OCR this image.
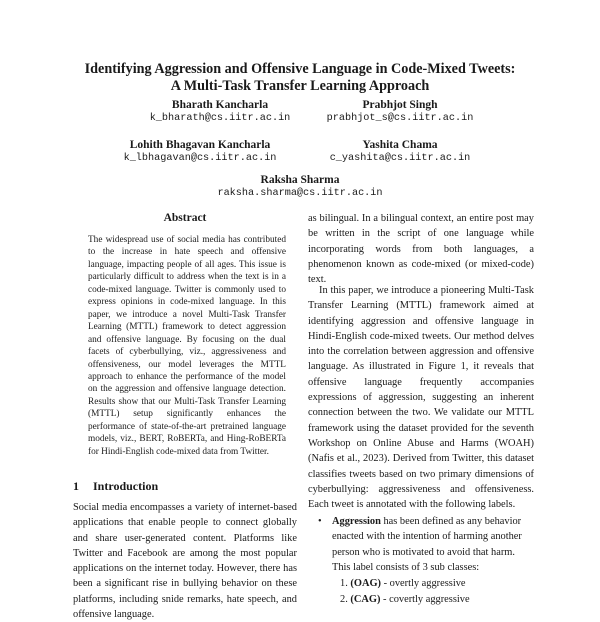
Identifying Aggression and Offensive Language in Code-Mixed Tweets:
A Multi-Task Transfer Learning Approach
Bharath Kancharla
k_bharath@cs.iitr.ac.in
Prabhjot Singh
prabhjot_s@cs.iitr.ac.in
Lohith Bhagavan Kancharla
k_lbhagavan@cs.iitr.ac.in
Yashita Chama
c_yashita@cs.iitr.ac.in
Raksha Sharma
raksha.sharma@cs.iitr.ac.in
Abstract
The widespread use of social media has contributed to the increase in hate speech and offensive language, impacting people of all ages. This issue is particularly difficult to address when the text is in a code-mixed language. Twitter is commonly used to express opinions in code-mixed language. In this paper, we introduce a novel Multi-Task Transfer Learning (MTTL) framework to detect aggression and offensive language. By focusing on the dual facets of cyberbullying, viz., aggressiveness and offensiveness, our model leverages the MTTL approach to enhance the performance of the model on the aggression and offensive language detection. Results show that our Multi-Task Transfer Learning (MTTL) setup significantly enhances the performance of state-of-the-art pretrained language models, viz., BERT, RoBERTa, and Hing-RoBERTa for Hindi-English code-mixed data from Twitter.
1 Introduction

Social media encompasses a variety of internet-based applications that enable people to connect globally and share user-generated content. Platforms like Twitter and Facebook are among the most popular applications on the internet today. However, there has been a significant rise in bullying behavior on these platforms, including snide remarks, hate speech, and offensive language.

as bilingual. In a bilingual context, an entire post may be written in the script of one language while incorporating words from both languages, a phenomenon known as code-mixed (or mixed-code) text.

In this paper, we introduce a pioneering Multi-Task Transfer Learning (MTTL) framework aimed at identifying aggression and offensive language in Hindi-English code-mixed tweets. Our method delves into the correlation between aggression and offensive language. As illustrated in Figure 1, it reveals that offensive language frequently accompanies expressions of aggression, suggesting an inherent connection between the two. We validate our MTTL framework using the dataset provided for the seventh Workshop on Online Abuse and Harms (WOAH) (Nafis et al., 2023). Derived from Twitter, this dataset classifies tweets based on two primary dimensions of cyberbullying: aggressiveness and offensiveness. Each tweet is annotated with the following labels.

• Aggression has been defined as any behavior enacted with the intention of harming another person who is motivated to avoid that harm. This label consists of 3 sub classes:
1. (OAG) - overtly aggressive
2. (CAG) - covertly aggressive
